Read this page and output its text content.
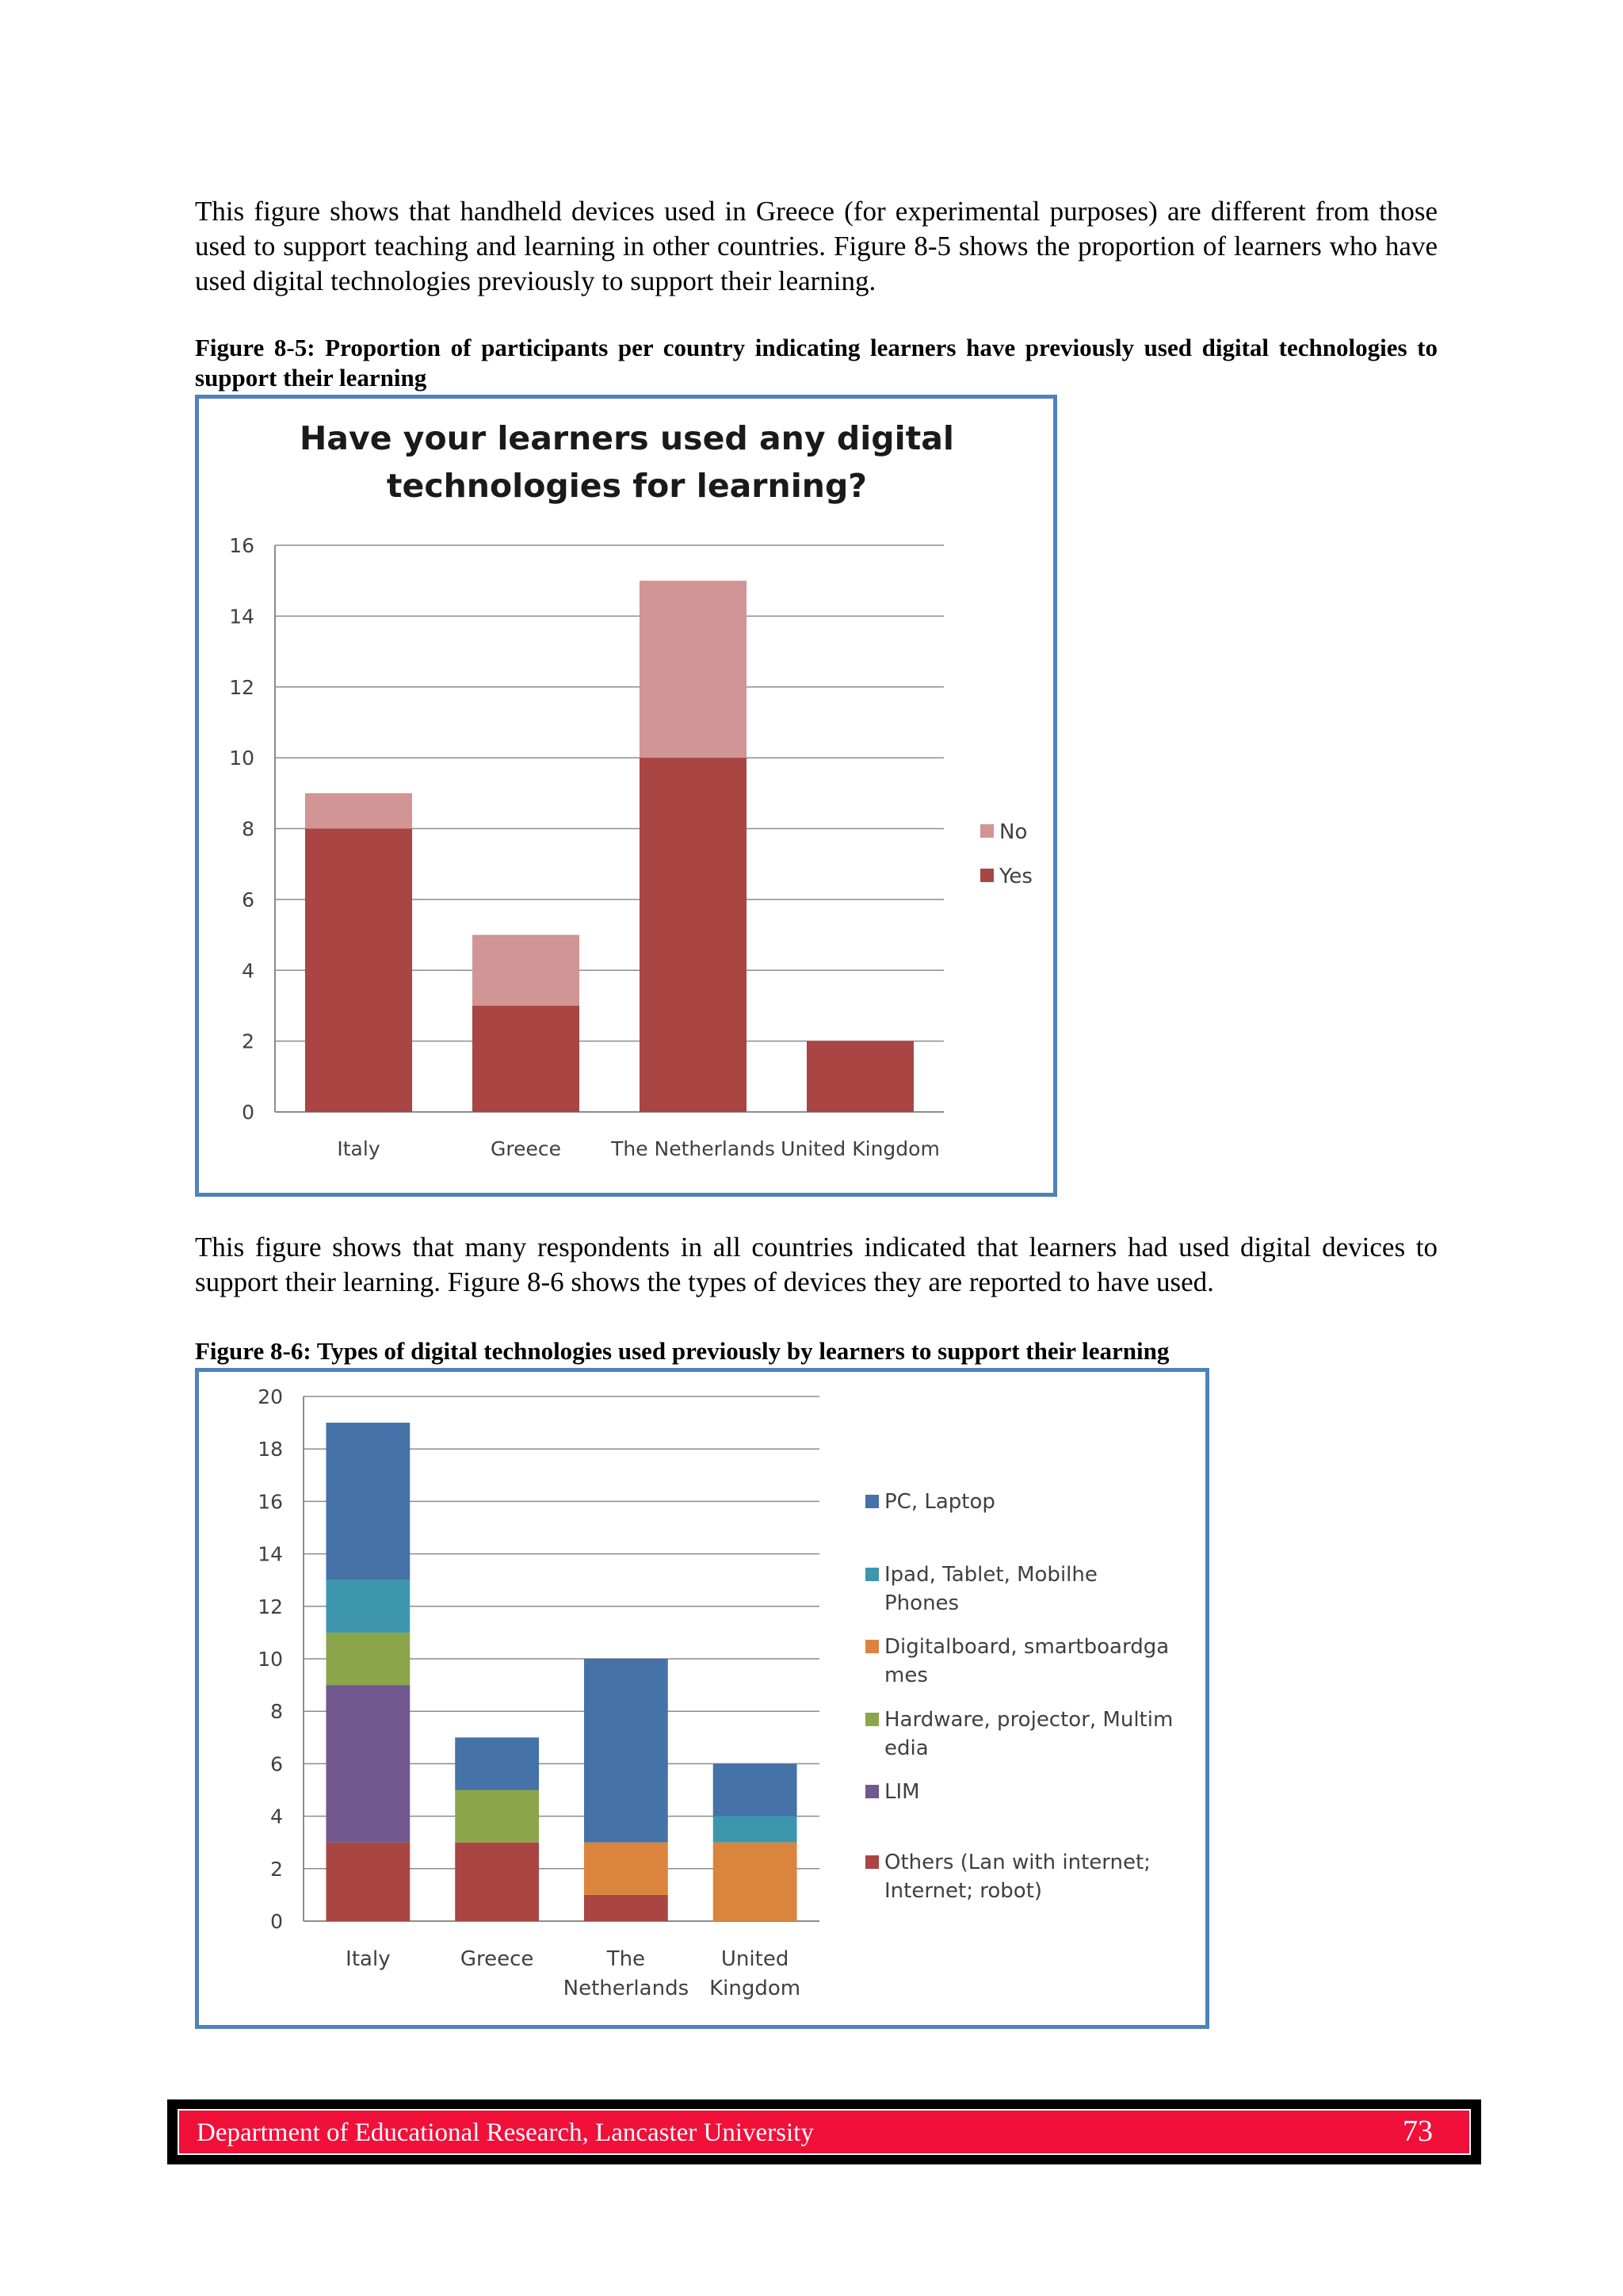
This figure shows that handheld devices used in Greece (for experimental purposes) are different from those used to support teaching and learning in other countries. Figure 8-5 shows the proportion of learners who have used digital technologies previously to support their learning.

Figure 8-5: Proportion of participants per country indicating learners have previously used digital technologies to support their learning

Have your learners used any digital
technologies for learning?
0
2
4
6
8
10
12
14
16
Italy	Greece	The Netherlands United Kingdom
No
Yes

This figure shows that many respondents in all countries indicated that learners had used digital devices to support their learning. Figure 8-6 shows the types of devices they are reported to have used.

Figure 8-6: Types of digital technologies used previously by learners to support their learning

0
2
4
6
8
10
12
14
16
18
20
Italy	Greece	The
Netherlands
United
Kingdom
PC, Laptop
Ipad, Tablet, Mobilhe
Phones
Digitalboard, smartboardga
mes
Hardware, projector, Multim
edia
LIM
Others (Lan with internet;
Internet; robot)
Department of Educational Research, Lancaster University	73
